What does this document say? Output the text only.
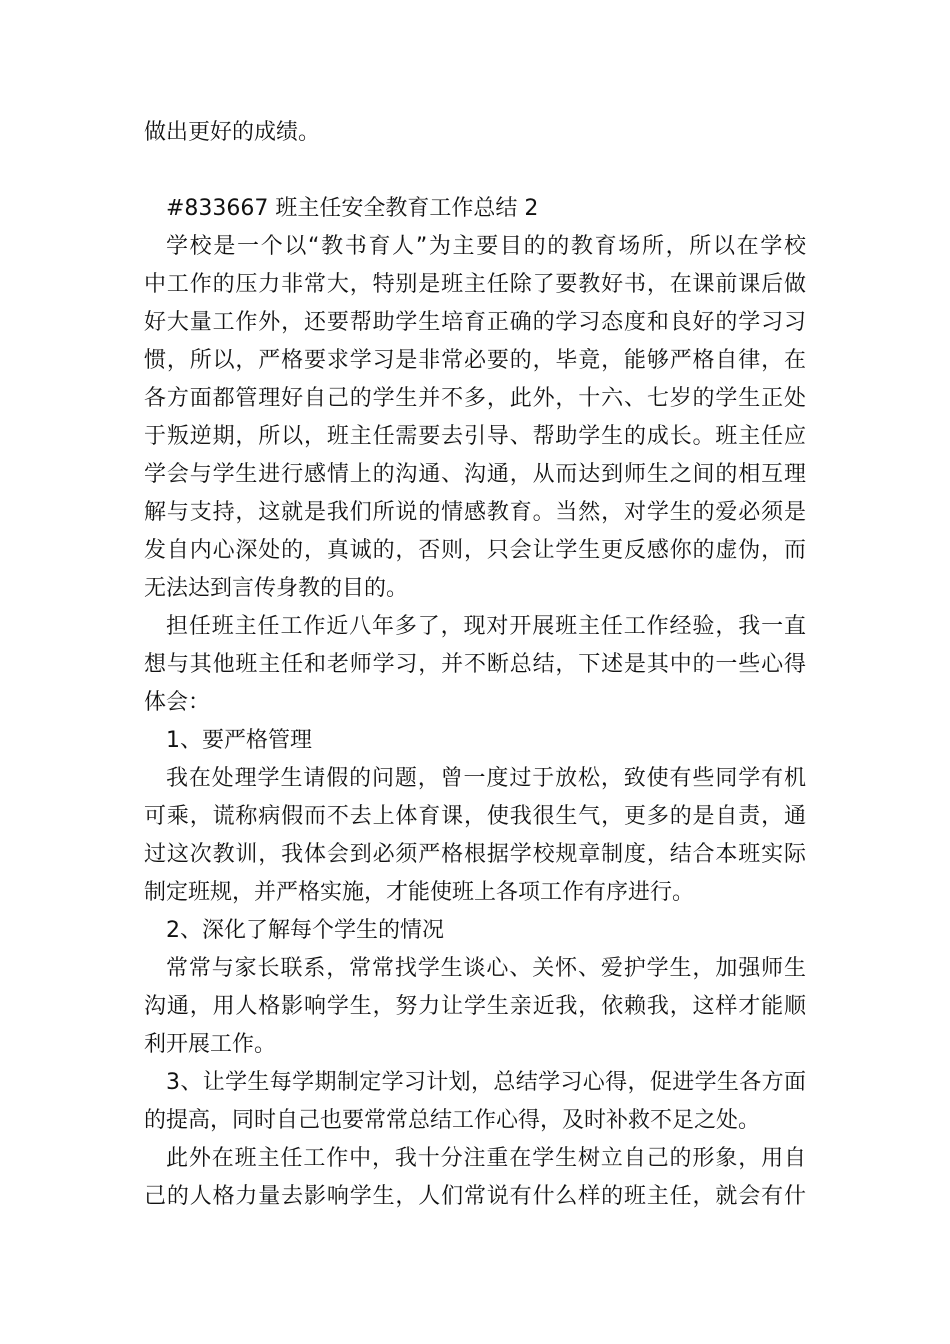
做出更好的成绩。
#833667 班主任安全教育工作总结 2
学校是一个以“教书育人”为主要目的的教育场所，所以在学校
中工作的压力非常大，特别是班主任除了要教好书，在课前课后做
好大量工作外，还要帮助学生培育正确的学习态度和良好的学习习
惯，所以，严格要求学习是非常必要的，毕竟，能够严格自律，在
各方面都管理好自己的学生并不多，此外，十六、七岁的学生正处
于叛逆期，所以，班主任需要去引导、帮助学生的成长。班主任应
学会与学生进行感情上的沟通、沟通，从而达到师生之间的相互理
解与支持，这就是我们所说的情感教育。当然，对学生的爱必须是
发自内心深处的，真诚的，否则，只会让学生更反感你的虚伪，而
无法达到言传身教的目的。
担任班主任工作近八年多了，现对开展班主任工作经验，我一直
想与其他班主任和老师学习，并不断总结，下述是其中的一些心得
体会：
1、要严格管理
我在处理学生请假的问题，曾一度过于放松，致使有些同学有机
可乘，谎称病假而不去上体育课，使我很生气，更多的是自责，通
过这次教训，我体会到必须严格根据学校规章制度，结合本班实际
制定班规，并严格实施，才能使班上各项工作有序进行。
2、深化了解每个学生的情况
常常与家长联系，常常找学生谈心、关怀、爱护学生，加强师生
沟通，用人格影响学生，努力让学生亲近我，依赖我，这样才能顺
利开展工作。
3、让学生每学期制定学习计划，总结学习心得，促进学生各方面
的提高，同时自己也要常常总结工作心得，及时补救不足之处。
此外在班主任工作中，我十分注重在学生树立自己的形象，用自
己的人格力量去影响学生，人们常说有什么样的班主任，就会有什
